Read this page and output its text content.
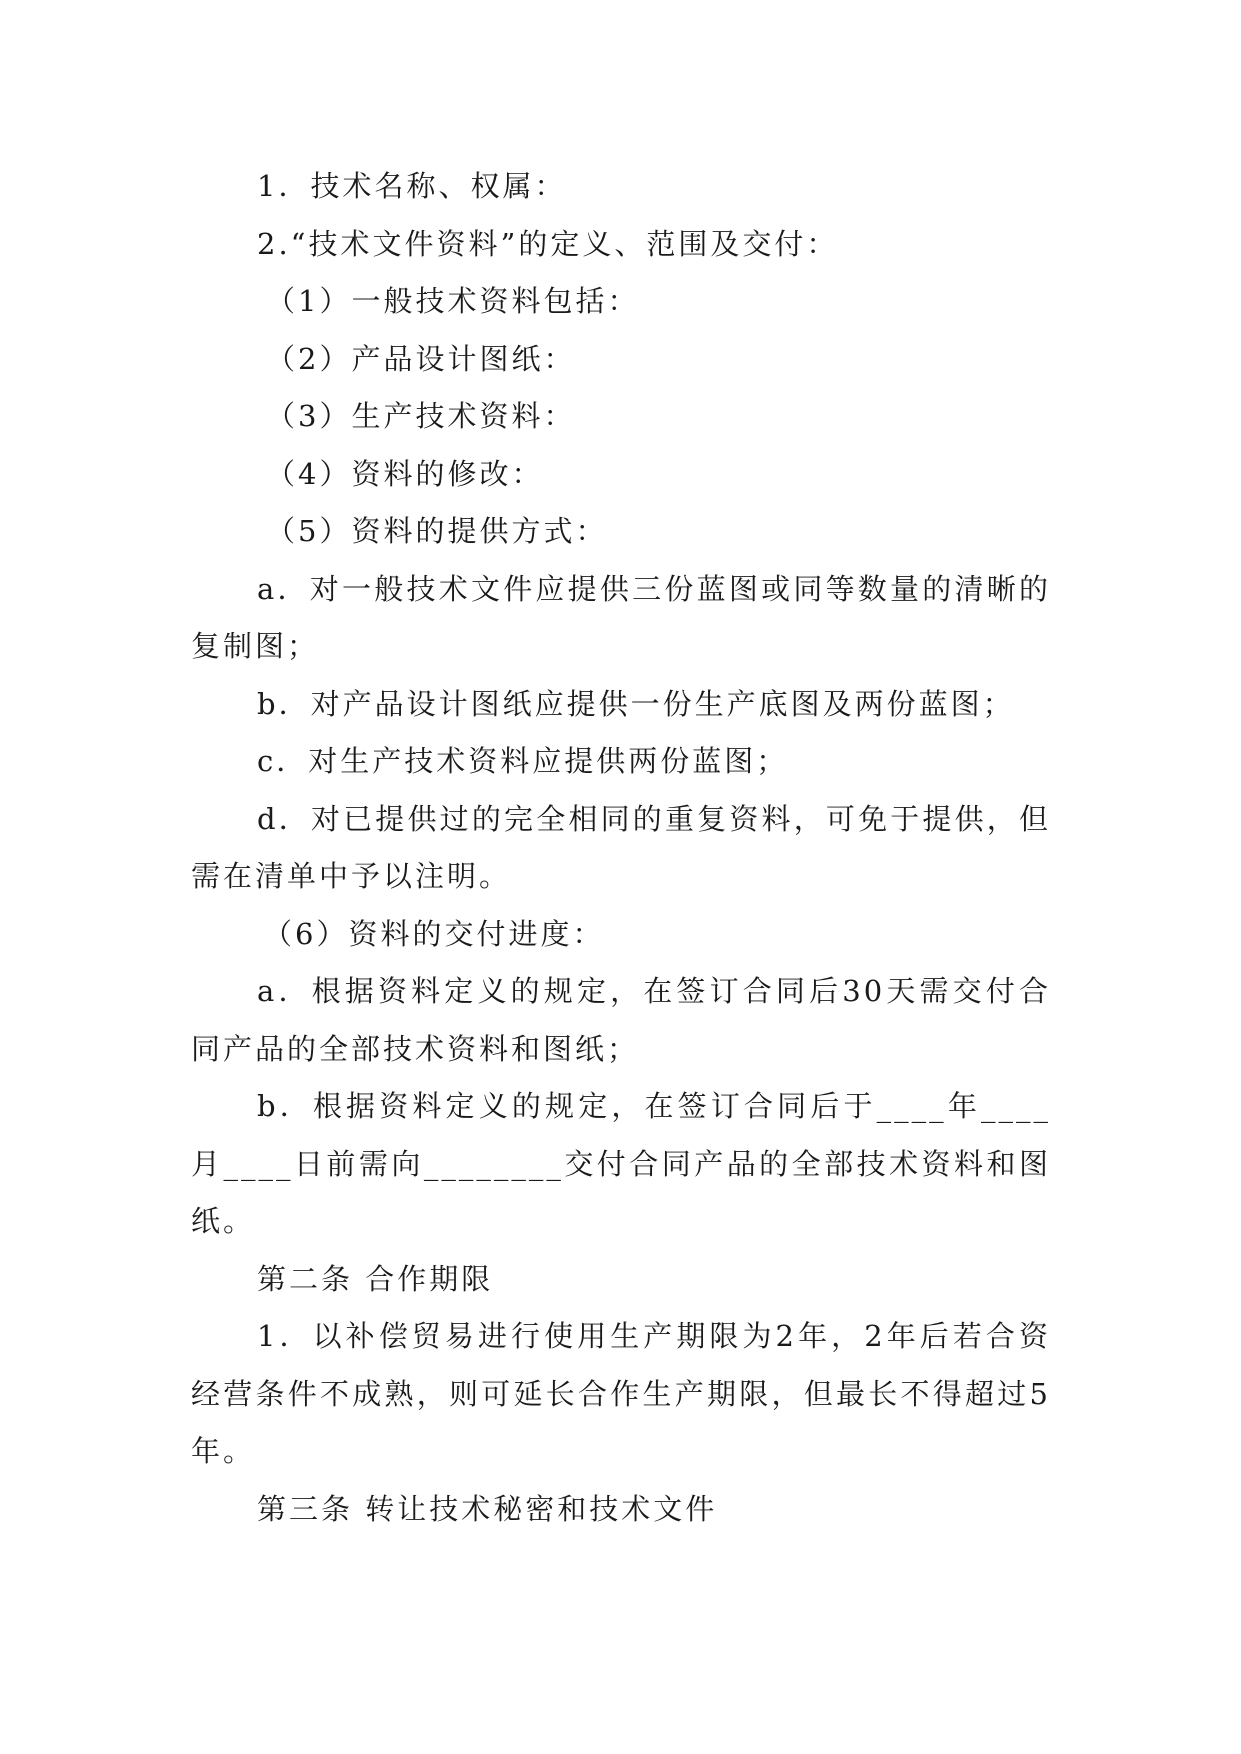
1．技术名称、权属：

2.“技术文件资料”的定义、范围及交付：

（1）一般技术资料包括：

（2）产品设计图纸：

（3）生产技术资料：

（4）资料的修改：

（5）资料的提供方式：

a．对一般技术文件应提供三份蓝图或同等数量的清晰的复制图；

b．对产品设计图纸应提供一份生产底图及两份蓝图；

c．对生产技术资料应提供两份蓝图；

d．对已提供过的完全相同的重复资料，可免于提供，但需在清单中予以注明。

（6）资料的交付进度：

a．根据资料定义的规定，在签订合同后30天需交付合同产品的全部技术资料和图纸；

b．根据资料定义的规定，在签订合同后于____年____月____日前需向________交付合同产品的全部技术资料和图纸。

第二条 合作期限

1．以补偿贸易进行使用生产期限为2年，2年后若合资经营条件不成熟，则可延长合作生产期限，但最长不得超过5年。

第三条 转让技术秘密和技术文件
